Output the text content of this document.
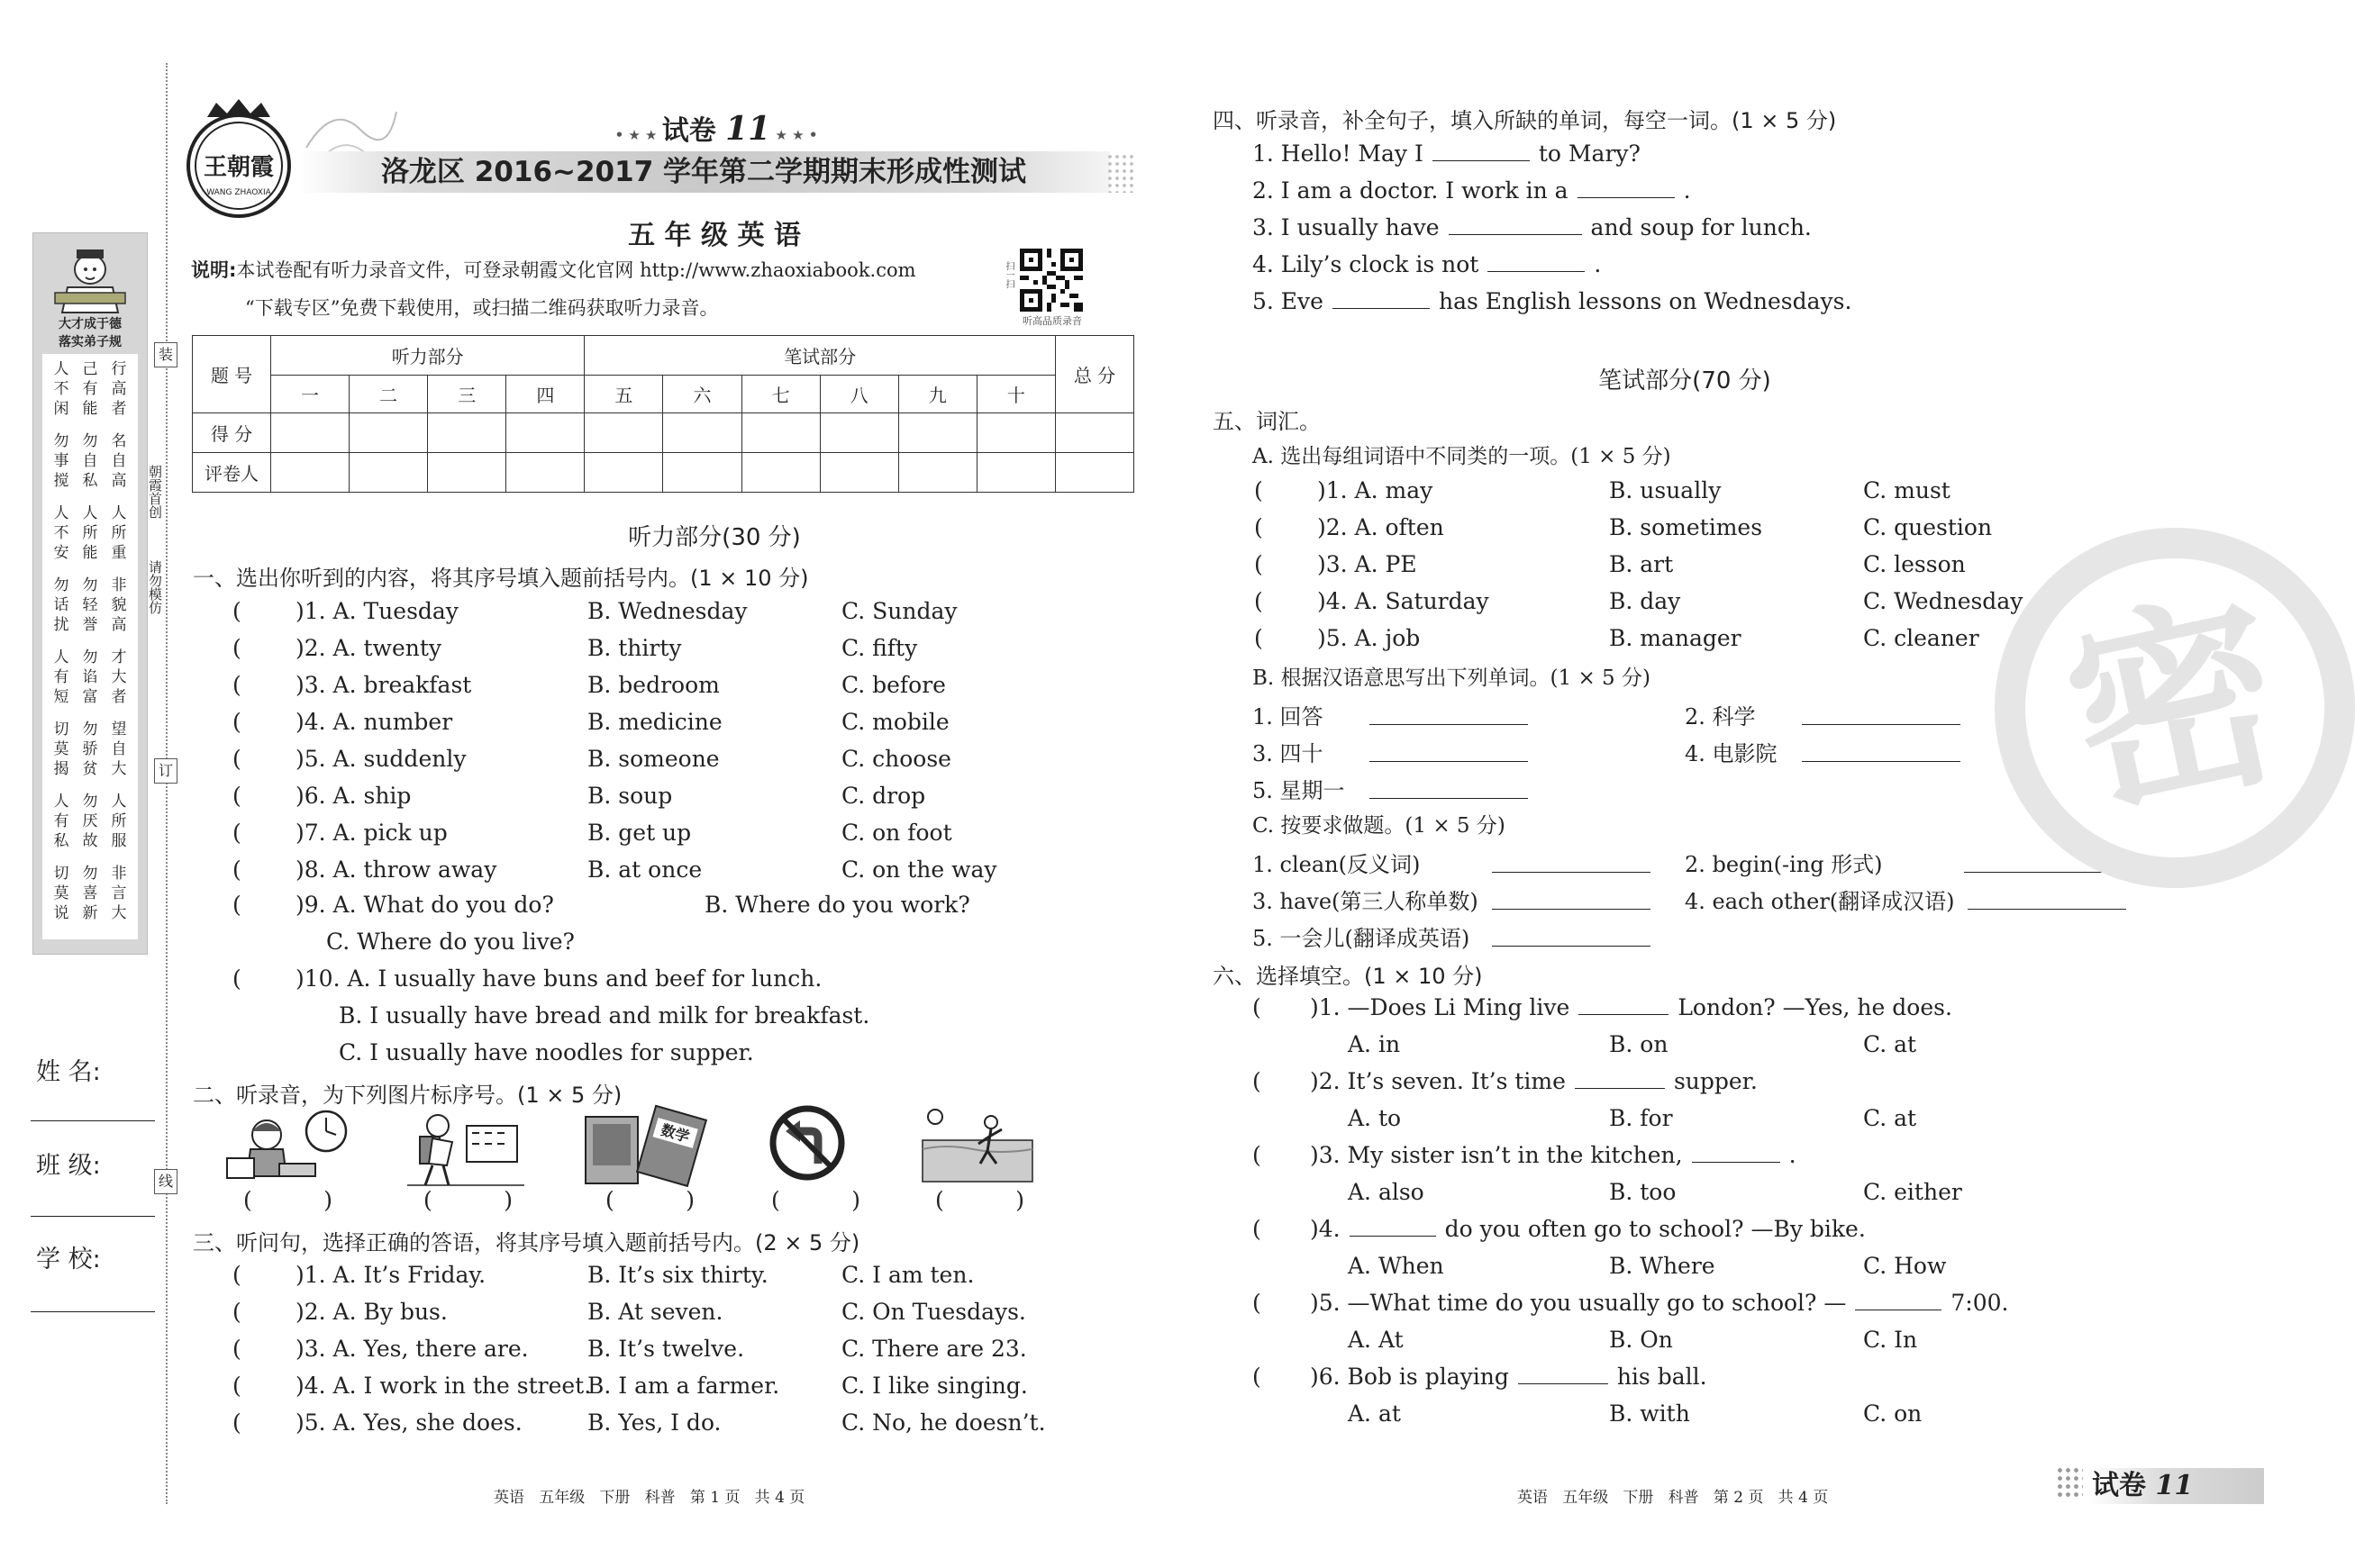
大才成于德
落实弟子规
人不闲
己有能
行高者
勿事搅
勿自私
名自高
人不安
人所能
人所重
勿话扰
勿轻誉
非貌高
人有短
勿谄富
才大者
切莫揭
勿骄贫
望自大
人有私
勿厌故
人所服
切莫说
勿喜新
非言大
装
订
线
朝霞首创
请勿模仿
姓 名:
班 级:
学 校:
王朝霞
WANG ZHAOXIA
• ★ ★ 试卷 11 ★ ★ •
洛龙区 2016~2017 学年第二学期期末形成性测试
五 年 级 英 语
说明:本试卷配有听力录音文件，可登录朝霞文化官网 http://www.zhaoxiabook.com
“下载专区”免费下载使用，或扫描二维码获取听力录音。
扫一扫
听高品质录音
题 号	听力部分				笔试部分						总 分
	一	二	三	四	五	六	七	八	九	十	
得 分											
评卷人											
听力部分(30 分)
一、选出你听到的内容，将其序号填入题前括号内。(1 × 10 分)
( )1. A. Tuesday	B. Wednesday	C. Sunday
( )2. A. twenty	B. thirty	C. fifty
( )3. A. breakfast	B. bedroom	C. before
( )4. A. number	B. medicine	C. mobile
( )5. A. suddenly	B. someone	C. choose
( )6. A. ship	B. soup	C. drop
( )7. A. pick up	B. get up	C. on foot
( )8. A. throw away	B. at once	C. on the way
( )9. A. What do you do?	B. Where do you work?
C. Where do you live?
( )10. A. I usually have buns and beef for lunch.
B. I usually have bread and milk for breakfast.
C. I usually have noodles for supper.
二、听录音，为下列图片标序号。(1 × 5 分)
数学
(          )	(          )	(          )	(          )	(          )
三、听问句，选择正确的答语，将其序号填入题前括号内。(2 × 5 分)
( )1. A. It’s Friday.	B. It’s six thirty.	C. I am ten.
( )2. A. By bus.	B. At seven.	C. On Tuesdays.
( )3. A. Yes, there are.	B. It’s twelve.	C. There are 23.
( )4. A. I work in the street.
B. I am a farmer.	C. I like singing.
( )5. A. Yes, she does.	B. Yes, I do.	C. No, he doesn’t.
四、听录音，补全句子，填入所缺的单词，每空一词。(1 × 5 分)
1. Hello! May I	to Mary?
2. I am a doctor. I work in a	.
3. I usually have	and soup for lunch.
4. Lily’s clock is not	.
5. Eve	has English lessons on Wednesdays.
笔试部分(70 分)
五、词汇。
A. 选出每组词语中不同类的一项。(1 × 5 分)
( )1. A. may	B. usually	C. must
( )2. A. often	B. sometimes	C. question
( )3. A. PE	B. art	C. lesson
( )4. A. Saturday	B. day	C. Wednesday
( )5. A. job	B. manager	C. cleaner
B. 根据汉语意思写出下列单词。(1 × 5 分)
1. 回答	2. 科学
3. 四十	4. 电影院
5. 星期一
C. 按要求做题。(1 × 5 分)
1. clean(反义词)	2. begin(-ing 形式)
3. have(第三人称单数)	4. each other(翻译成汉语)
5. 一会儿(翻译成英语)
六、选择填空。(1 × 10 分)
( )1. —Does Li Ming live	London? —Yes, he does.
A. in	B. on	C. at
( )2. It’s seven. It’s time	supper.
A. to	B. for	C. at
( )3. My sister isn’t in the kitchen,	.
A. also	B. too	C. either
( )4.	do you often go to school? —By bike.
A. When	B. Where	C. How
( )5. —What time do you usually go to school? —	7:00.
A. At	B. On	C. In
( )6. Bob is playing	his ball.
A. at	B. with	C. on
密
英语   五年级   下册   科普   第 1 页   共 4 页	英语   五年级   下册   科普   第 2 页   共 4 页	试卷 11
